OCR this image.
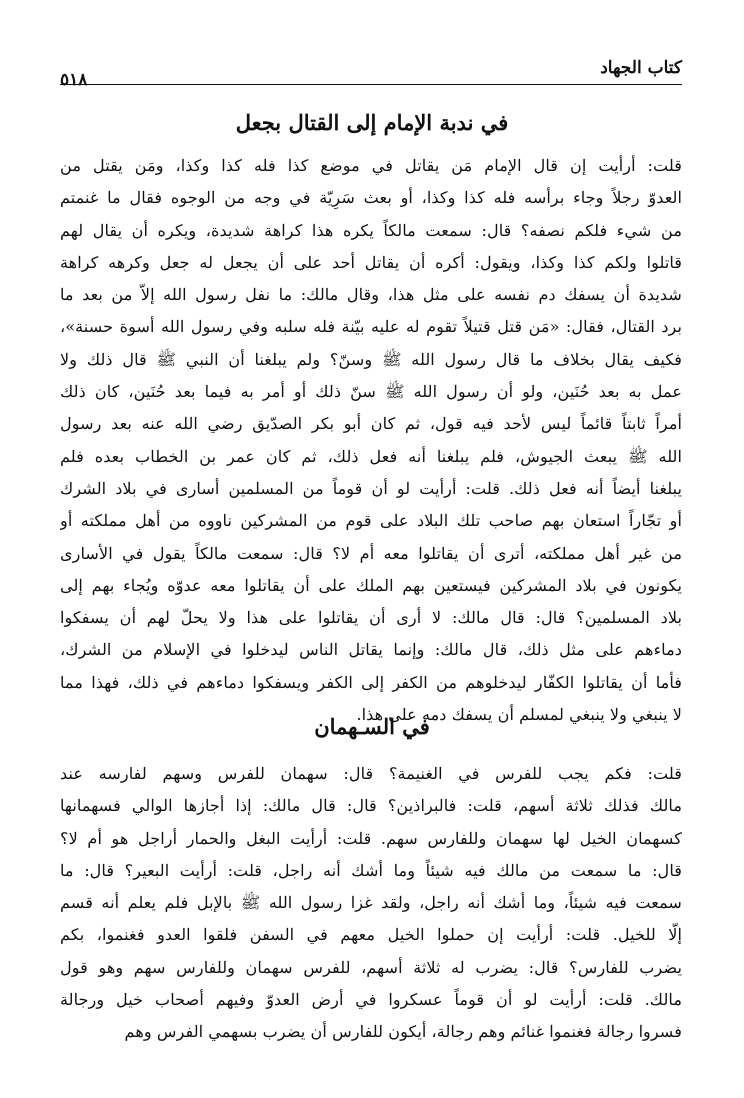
كتاب الجهاد
٥١٨
في ندبة الإمام إلى القتال بجعل
قلت: أرأيت إن قال الإمام مَن يقاتل في موضع كذا فله كذا وكذا، ومَن يقتل من
العدوّ رجلاً وجاء برأسه فله كذا وكذا، أو بعث سَرِيّة في وجه من الوجوه فقال ما غنمتم
من شيء فلكم نصفه؟ قال: سمعت مالكاً يكره هذا كراهة شديدة، ويكره أن يقال لهم
قاتلوا ولكم كذا وكذا، ويقول: أكره أن يقاتل أحد على أن يجعل له جعل وكرهه كراهة
شديدة أن يسفك دم نفسه على مثل هذا، وقال مالك: ما نفل رسول الله إلاّ من بعد ما
برد القتال، فقال: «مَن قتل قتيلاً تقوم له عليه بيّنة فله سلبه وفي رسول الله أسوة حسنة»،
فكيف يقال بخلاف ما قال رسول الله ﷺ وسنّ؟ ولم يبلغنا أن النبي ﷺ قال ذلك ولا
عمل به بعد حُنَين، ولو أن رسول الله ﷺ سنّ ذلك أو أمر به فيما بعد حُنَين، كان ذلك
أمراً ثابتاً قائماً ليس لأحد فيه قول، ثم كان أبو بكر الصدّيق رضي الله عنه بعد رسول
الله ﷺ يبعث الجيوش، فلم يبلغنا أنه فعل ذلك، ثم كان عمر بن الخطاب بعده فلم
يبلغنا أيضاً أنه فعل ذلك. قلت: أرأيت لو أن قوماً من المسلمين أسارى في بلاد الشرك
أو تجّاراً استعان بهم صاحب تلك البلاد على قوم من المشركين ناووه من أهل مملكته أو
من غير أهل مملكته، أترى أن يقاتلوا معه أم لا؟ قال: سمعت مالكاً يقول في الأسارى
يكونون في بلاد المشركين فيستعين بهم الملك على أن يقاتلوا معه عدوّه ويُجاء بهم إلى
بلاد المسلمين؟ قال: قال مالك: لا أرى أن يقاتلوا على هذا ولا يحلّ لهم أن يسفكوا
دماءهم على مثل ذلك، قال مالك: وإنما يقاتل الناس ليدخلوا في الإسلام من الشرك،
فأما أن يقاتلوا الكفّار ليدخلوهم من الكفر إلى الكفر ويسفكوا دماءهم في ذلك، فهذا مما
لا ينبغي ولا ينبغي لمسلم أن يسفك دمه على هذا.
في السـهمان
قلت: فكم يجب للفرس في الغنيمة؟ قال: سهمان للفرس وسهم لفارسه عند
مالك فذلك ثلاثة أسهم، قلت: فالبراذين؟ قال: قال مالك: إذا أجازها الوالي فسهمانها
كسهمان الخيل لها سهمان وللفارس سهم. قلت: أرأيت البغل والحمار أراجل هو أم لا؟
قال: ما سمعت من مالك فيه شيئاً وما أشك أنه راجل، قلت: أرأيت البعير؟ قال: ما
سمعت فيه شيئاً، وما أشك أنه راجل، ولقد غزا رسول الله ﷺ بالإبل فلم يعلم أنه قسم
إلّا للخيل. قلت: أرأيت إن حملوا الخيل معهم في السفن فلقوا العدو فغنموا، بكم
يضرب للفارس؟ قال: يضرب له ثلاثة أسهم، للفرس سهمان وللفارس سهم وهو قول
مالك. قلت: أرأيت لو أن قوماً عسكروا في أرض العدوّ وفيهم أصحاب خيل ورجالة
فسروا رجالة فغنموا غنائم وهم رجالة، أيكون للفارس أن يضرب بسهمي الفرس وهم
